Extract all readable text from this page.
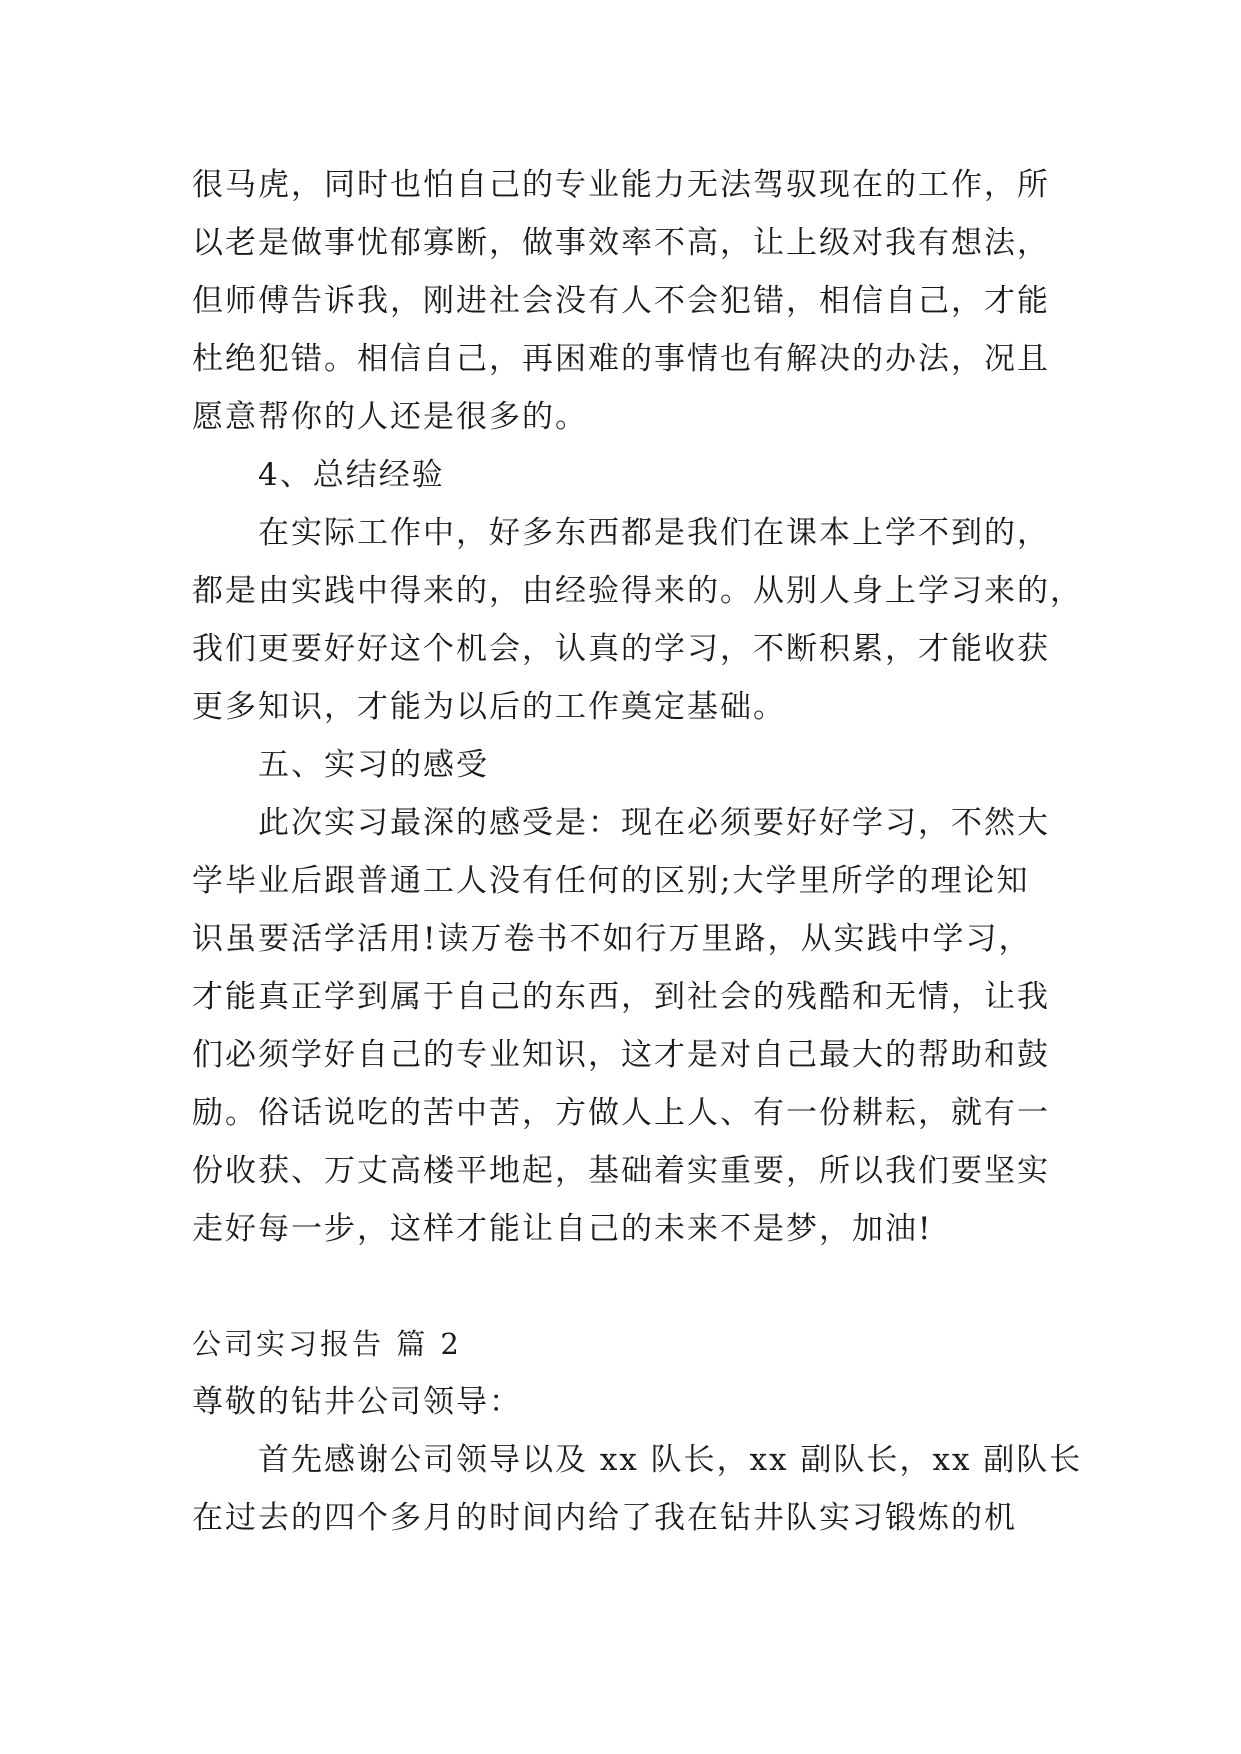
很马虎，同时也怕自己的专业能力无法驾驭现在的工作，所
以老是做事忧郁寡断，做事效率不高，让上级对我有想法，
但师傅告诉我，刚进社会没有人不会犯错，相信自己，才能
杜绝犯错。相信自己，再困难的事情也有解决的办法，况且
愿意帮你的人还是很多的。
4、总结经验
在实际工作中，好多东西都是我们在课本上学不到的，
都是由实践中得来的，由经验得来的。从别人身上学习来的，
我们更要好好这个机会，认真的学习，不断积累，才能收获
更多知识，才能为以后的工作奠定基础。
五、实习的感受
此次实习最深的感受是：现在必须要好好学习，不然大
学毕业后跟普通工人没有任何的区别;大学里所学的理论知
识虽要活学活用!读万卷书不如行万里路，从实践中学习，
才能真正学到属于自己的东西，到社会的残酷和无情，让我
们必须学好自己的专业知识，这才是对自己最大的帮助和鼓
励。俗话说吃的苦中苦，方做人上人、有一份耕耘，就有一
份收获、万丈高楼平地起，基础着实重要，所以我们要坚实
走好每一步，这样才能让自己的未来不是梦，加油!
公司实习报告 篇 2
尊敬的钻井公司领导：
首先感谢公司领导以及 xx 队长，xx 副队长，xx 副队长
在过去的四个多月的时间内给了我在钻井队实习锻炼的机
